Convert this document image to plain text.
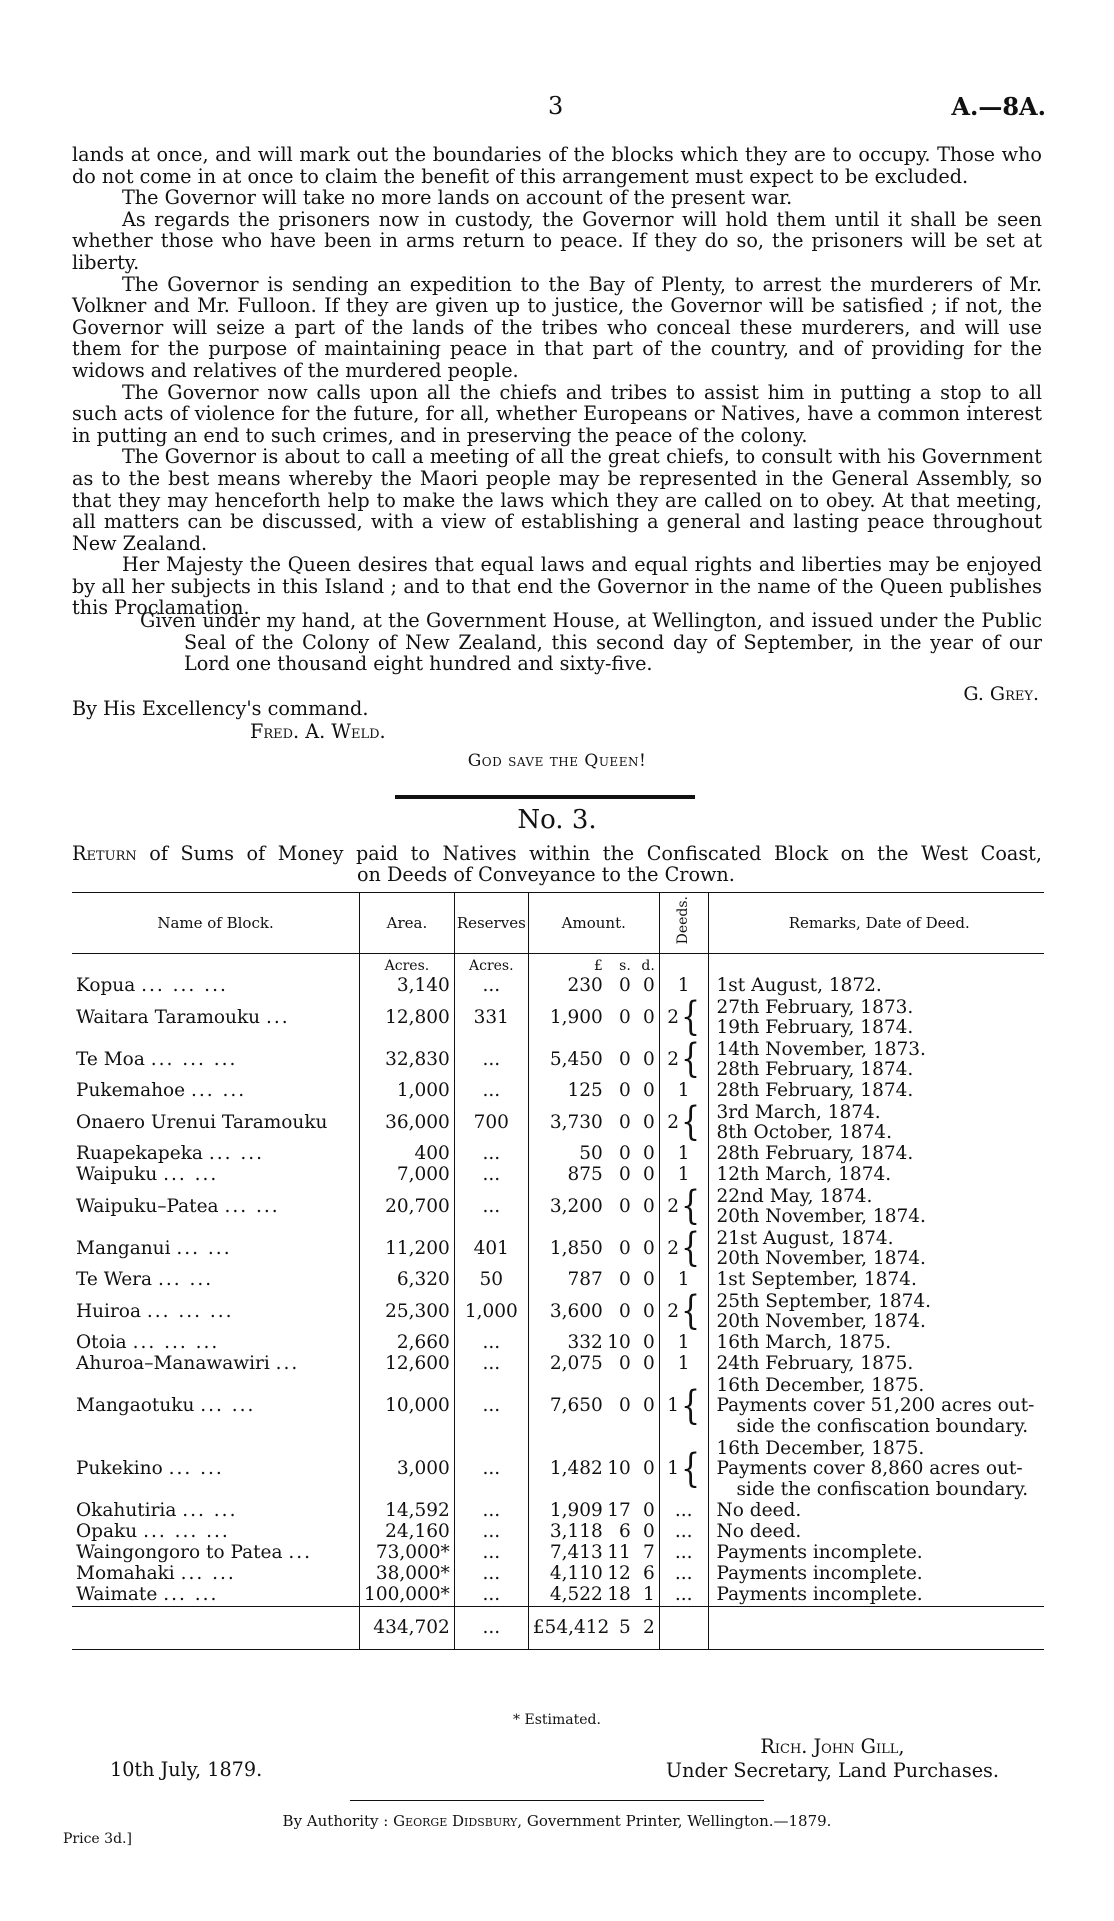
3	A.—8A.

lands at once, and will mark out the boundaries of the blocks which they are to occupy. Those who do not come in at once to claim the benefit of this arrangement must expect to be excluded.

The Governor will take no more lands on account of the present war.

As regards the prisoners now in custody, the Governor will hold them until it shall be seen whether those who have been in arms return to peace. If they do so, the prisoners will be set at liberty.

The Governor is sending an expedition to the Bay of Plenty, to arrest the murderers of Mr. Volkner and Mr. Fulloon. If they are given up to justice, the Governor will be satisfied ; if not, the Governor will seize a part of the lands of the tribes who conceal these murderers, and will use them for the purpose of maintaining peace in that part of the country, and of providing for the widows and relatives of the murdered people.

The Governor now calls upon all the chiefs and tribes to assist him in putting a stop to all such acts of violence for the future, for all, whether Europeans or Natives, have a common interest in putting an end to such crimes, and in preserving the peace of the colony.

The Governor is about to call a meeting of all the great chiefs, to consult with his Government as to the best means whereby the Maori people may be represented in the General Assembly, so that they may henceforth help to make the laws which they are called on to obey. At that meeting, all matters can be discussed, with a view of establishing a general and lasting peace throughout New Zealand.

Her Majesty the Queen desires that equal laws and equal rights and liberties may be enjoyed by all her subjects in this Island ; and to that end the Governor in the name of the Queen publishes this Proclamation.

Given under my hand, at the Government House, at Wellington, and issued under the Public Seal of the Colony of New Zealand, this second day of September, in the year of our Lord one thousand eight hundred and sixty-five.
G. Grey.
By His Excellency's command.
Fred. A. Weld.
God save the Queen!
No. 3.
Return of Sums of Money paid to Natives within the Confiscated Block on the West Coast,
on Deeds of Conveyance to the Crown.
Name of Block.	Area.	Reserves	Amount.	Deeds.	Remarks, Date of Deed.
	Acres.	Acres.	£ s. d.		

Kopua ... ... ...	3,140	...	230 0 0	1	1st August, 1872.

Waitara Taramouku ...	12,800	331	1,900 0 0	2 {	27th February, 1873.
19th February, 1874.

Te Moa ... ... ...	32,830	...	5,450 0 0	2 {	14th November, 1873.
28th February, 1874.

Pukemahoe ... ...	1,000	...	125 0 0	1	28th February, 1874.

Onaero Urenui Taramouku	36,000	700	3,730 0 0	2 {	3rd March, 1874.
8th October, 1874.

Ruapekapeka ... ...	400	...	50 0 0	1	28th February, 1874.

Waipuku ... ...	7,000	...	875 0 0	1	12th March, 1874.

Waipuku–Patea ... ...	20,700	...	3,200 0 0	2 {	22nd May, 1874.
20th November, 1874.

Manganui ... ...	11,200	401	1,850 0 0	2 {	21st August, 1874.
20th November, 1874.

Te Wera ... ...	6,320	50	787 0 0	1	1st September, 1874.

Huiroa ... ... ...	25,300	1,000	3,600 0 0	2 {	25th September, 1874.
20th November, 1874.

Otoia ... ... ...	2,660	...	332 10 0	1	16th March, 1875.

Ahuroa–Manawawiri ...	12,600	...	2,075 0 0	1	24th February, 1875.

Mangaotuku ... ...	10,000	...	7,650 0 0	1 {	16th December, 1875.
Payments cover 51,200 acres out-
side the confiscation boundary.

Pukekino ... ...	3,000	...	1,482 10 0	1 {	16th December, 1875.
Payments cover 8,860 acres out-
side the confiscation boundary.

Okahutiria ... ...	14,592	...	1,909 17 0	...	No deed.

Opaku ... ... ...	24,160	...	3,118 6 0	...	No deed.

Waingongoro to Patea ...	73,000*	...	7,413 11 7	...	Payments incomplete.

Momahaki ... ...	38,000*	...	4,110 12 6	...	Payments incomplete.

Waimate ... ...	100,000*	...	4,522 18 1	...	Payments incomplete.

	434,702	...	£54,412 5 2		

* Estimated.
10th July, 1879.
Rich. John Gill,
Under Secretary, Land Purchases.
By Authority : George Didsbury, Government Printer, Wellington.—1879.
Price 3d.]
